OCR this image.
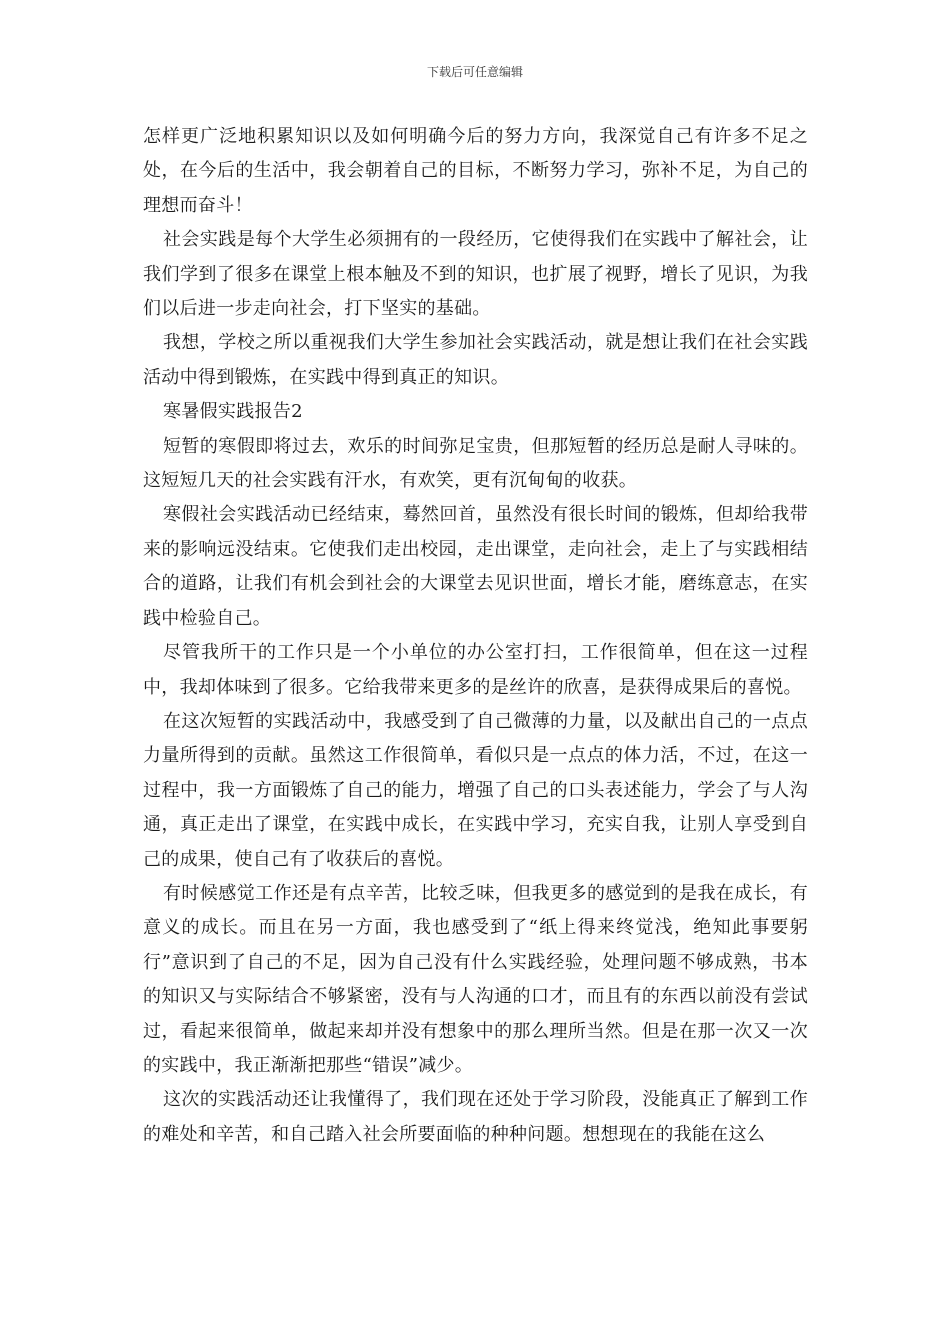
下载后可任意编辑

怎样更广泛地积累知识以及如何明确今后的努力方向，我深觉自己有许多不足之处，在今后的生活中，我会朝着自己的目标，不断努力学习，弥补不足，为自己的理想而奋斗！

社会实践是每个大学生必须拥有的一段经历，它使得我们在实践中了解社会，让我们学到了很多在课堂上根本触及不到的知识，也扩展了视野，增长了见识，为我们以后进一步走向社会，打下坚实的基础。

我想，学校之所以重视我们大学生参加社会实践活动，就是想让我们在社会实践活动中得到锻炼，在实践中得到真正的知识。

寒暑假实践报告2

短暂的寒假即将过去，欢乐的时间弥足宝贵，但那短暂的经历总是耐人寻味的。这短短几天的社会实践有汗水，有欢笑，更有沉甸甸的收获。

寒假社会实践活动已经结束，蓦然回首，虽然没有很长时间的锻炼，但却给我带来的影响远没结束。它使我们走出校园，走出课堂，走向社会，走上了与实践相结合的道路，让我们有机会到社会的大课堂去见识世面，增长才能，磨练意志，在实践中检验自己。

尽管我所干的工作只是一个小单位的办公室打扫，工作很简单，但在这一过程中，我却体味到了很多。它给我带来更多的是丝许的欣喜，是获得成果后的喜悦。

在这次短暂的实践活动中，我感受到了自己微薄的力量，以及献出自己的一点点力量所得到的贡献。虽然这工作很简单，看似只是一点点的体力活，不过，在这一过程中，我一方面锻炼了自己的能力，增强了自己的口头表述能力，学会了与人沟通，真正走出了课堂，在实践中成长，在实践中学习，充实自我，让别人享受到自己的成果，使自己有了收获后的喜悦。

有时候感觉工作还是有点辛苦，比较乏味，但我更多的感觉到的是我在成长，有意义的成长。而且在另一方面，我也感受到了“纸上得来终觉浅，绝知此事要躬行”意识到了自己的不足，因为自己没有什么实践经验，处理问题不够成熟，书本的知识又与实际结合不够紧密，没有与人沟通的口才，而且有的东西以前没有尝试过，看起来很简单，做起来却并没有想象中的那么理所当然。但是在那一次又一次的实践中，我正渐渐把那些“错误”减少。

这次的实践活动还让我懂得了，我们现在还处于学习阶段，没能真正了解到工作的难处和辛苦，和自己踏入社会所要面临的种种问题。想想现在的我能在这么
